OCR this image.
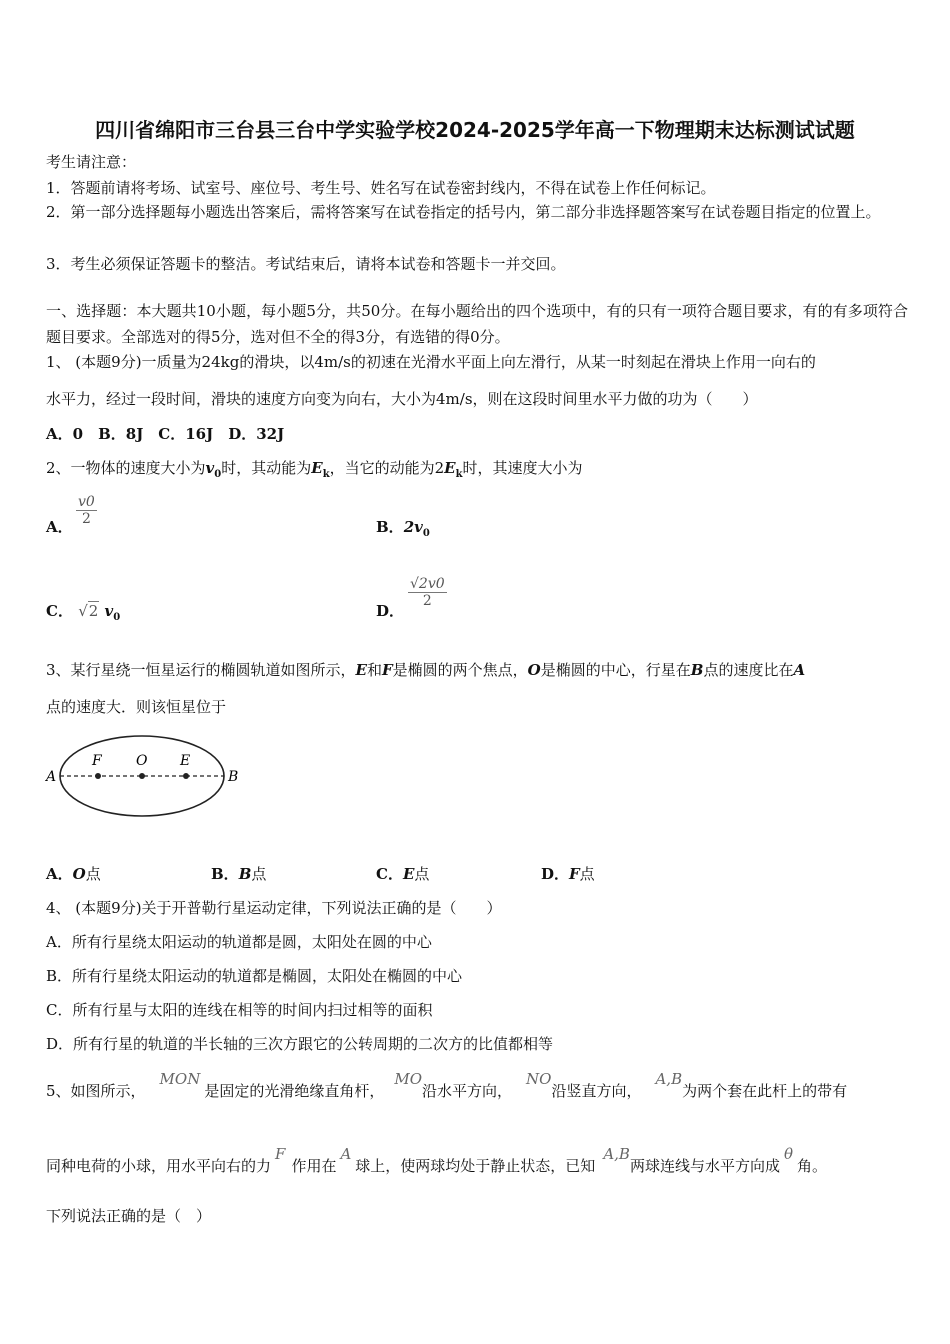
四川省绵阳市三台县三台中学实验学校2024-2025学年高一下物理期末达标测试试题
考生请注意：
1．答题前请将考场、试室号、座位号、考生号、姓名写在试卷密封线内，不得在试卷上作任何标记。
2．第一部分选择题每小题选出答案后，需将答案写在试卷指定的括号内，第二部分非选择题答案写在试卷题目指定的位置上。
3．考生必须保证答题卡的整洁。考试结束后，请将本试卷和答题卡一并交回。
一、选择题：本大题共10小题，每小题5分，共50分。在每小题给出的四个选项中，有的只有一项符合题目要求，有的有多项符合题目要求。全部选对的得5分，选对但不全的得3分，有选错的得0分。
1、 (本题9分)一质量为24kg的滑块，以4m/s的初速在光滑水平面上向左滑行，从某一时刻起在滑块上作用一向右的
水平力，经过一段时间，滑块的速度方向变为向右，大小为4m/s，则在这段时间里水平力做的功为（　　）
A．0　B．8J　C．16J　D．32J
2、一物体的速度大小为$v_0$时，其动能为$E_k$，当它的动能为$2E_k$时，其速度大小为
A． $\frac{v0}{2}$	B．$2v_0$
C． √2 $v_0$	D．
$\frac{√2v0}{2}$
3、某行星绕一恒星运行的椭圆轨道如图所示，E和F是椭圆的两个焦点，O是椭圆的中心，行星在B点的速度比在A
点的速度大．则该恒星位于
A
F O E
B
A．O点	B．B点	C．E点	D．F点
4、 (本题9分)关于开普勒行星运动定律，下列说法正确的是（　　）
A．所有行星绕太阳运动的轨道都是圆，太阳处在圆的中心
B．所有行星绕太阳运动的轨道都是椭圆，太阳处在椭圆的中心
C．所有行星与太阳的连线在相等的时间内扫过相等的面积
D．所有行星的轨道的半长轴的三次方跟它的公转周期的二次方的比值都相等
5、如图所示，MON是固定的光滑绝缘直角杆，MO沿水平方向，NO沿竖直方向，A,B为两个套在此杆上的带有
同种电荷的小球，用水平向右的力F作用在A球上，使两球均处于静止状态，已知A,B两球连线与水平方向成θ角。
下列说法正确的是（　）
